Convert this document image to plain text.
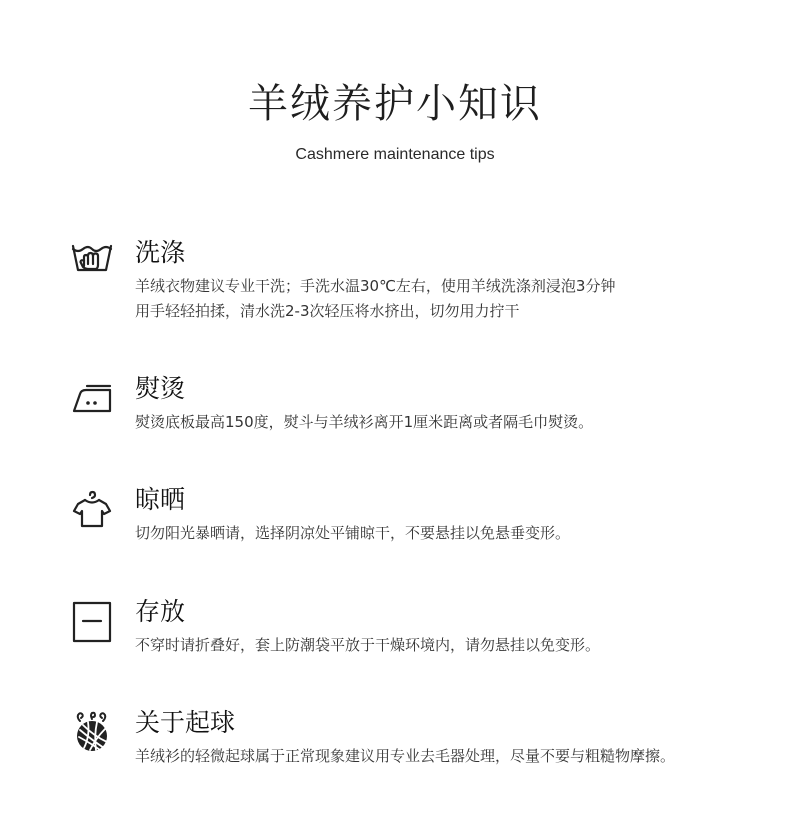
羊绒养护小知识
Cashmere maintenance tips
洗涤
羊绒衣物建议专业干洗；手洗水温30℃左右，使用羊绒洗涤剂浸泡3分钟
用手轻轻拍揉，清水洗2-3次轻压将水挤出，切勿用力拧干
熨烫
熨烫底板最高150度，熨斗与羊绒衫离开1厘米距离或者隔毛巾熨烫。
晾晒
切勿阳光暴晒请，选择阴凉处平铺晾干，不要悬挂以免悬垂变形。
存放
不穿时请折叠好，套上防潮袋平放于干燥环境内，请勿悬挂以免变形。
关于起球
羊绒衫的轻微起球属于正常现象建议用专业去毛器处理，尽量不要与粗糙物摩擦。
